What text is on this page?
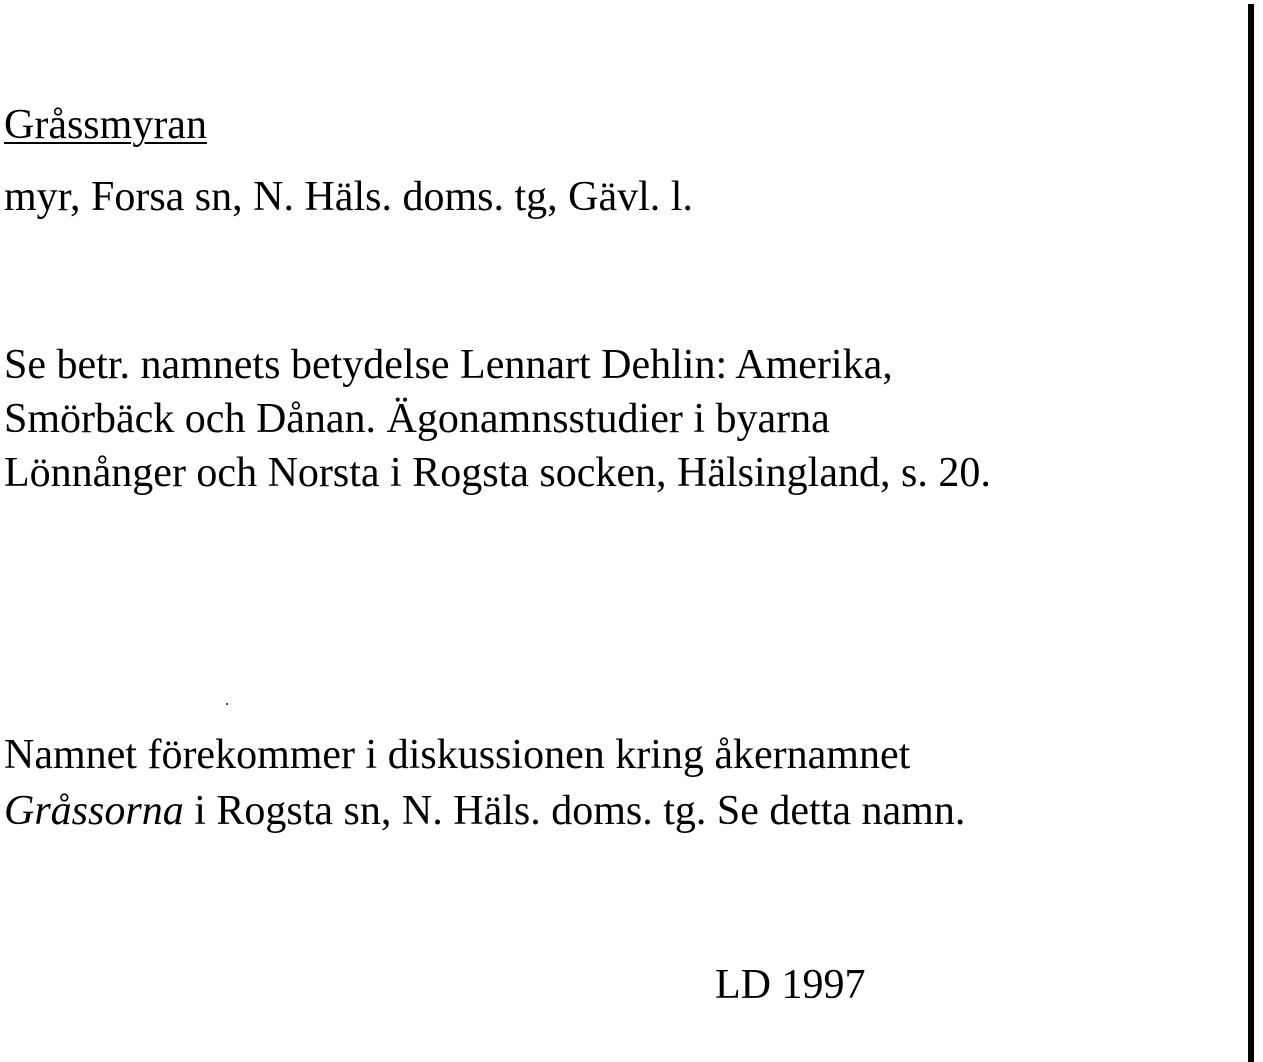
Gråssmyran
myr, Forsa sn, N. Häls. doms. tg, Gävl. l.
Se betr. namnets betydelse Lennart Dehlin: Amerika,
Smörbäck och Dånan. Ägonamnsstudier i byarna
Lönnånger och Norsta i Rogsta socken, Hälsingland, s. 20.
Namnet förekommer i diskussionen kring åkernamnet
Gråssorna i Rogsta sn, N. Häls. doms. tg. Se detta namn.
LD 1997
